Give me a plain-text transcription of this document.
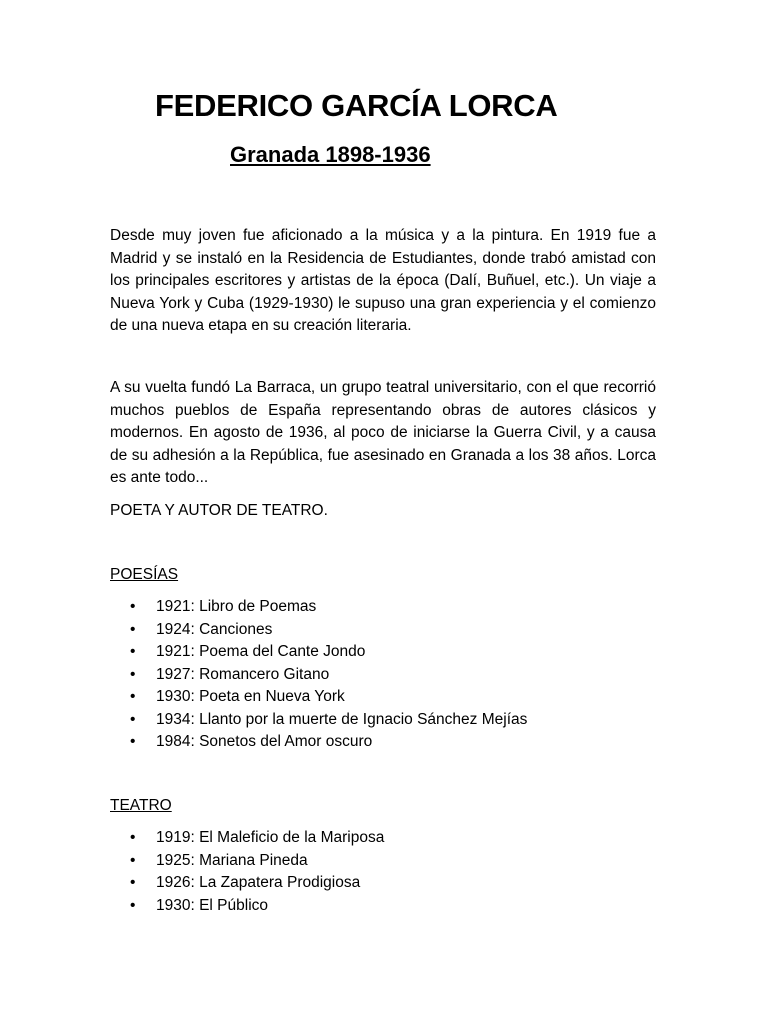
FEDERICO GARCÍA LORCA
Granada 1898-1936

Desde muy joven fue aficionado a la música y a la pintura. En 1919 fue a Madrid y se instaló en la Residencia de Estudiantes, donde trabó amistad con los principales escritores y artistas de la época (Dalí, Buñuel, etc.). Un viaje a Nueva York y Cuba (1929-1930) le supuso una gran experiencia y el comienzo de una nueva etapa en su creación literaria.

A su vuelta fundó La Barraca, un grupo teatral universitario, con el que recorrió muchos pueblos de España representando obras de autores clásicos y modernos. En agosto de 1936, al poco de iniciarse la Guerra Civil, y a causa de su adhesión a la República, fue asesinado en Granada a los 38 años. Lorca es ante todo...

POETA Y AUTOR DE TEATRO.

POESÍAS

• 1921: Libro de Poemas
• 1924: Canciones
• 1921: Poema del Cante Jondo
• 1927: Romancero Gitano
• 1930: Poeta en Nueva York
• 1934: Llanto por la muerte de Ignacio Sánchez Mejías
• 1984: Sonetos del Amor oscuro

TEATRO

• 1919: El Maleficio de la Mariposa
• 1925: Mariana Pineda
• 1926: La Zapatera Prodigiosa
• 1930: El Público
